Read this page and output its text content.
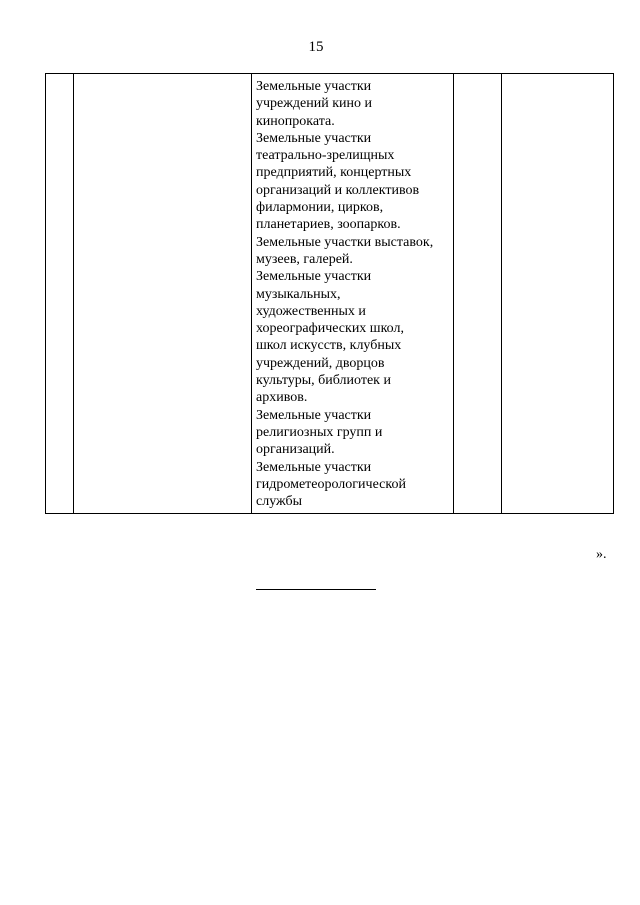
15

Земельные участки
учреждений кино и
кинопроката.
Земельные участки
театрально-зрелищных
предприятий, концертных
организаций и коллективов
филармонии, цирков,
планетариев, зоопарков.
Земельные участки выставок,
музеев, галерей.
Земельные участки
музыкальных,
художественных и
хореографических школ,
школ искусств, клубных
учреждений, дворцов
культуры, библиотек и
архивов.
Земельные участки
религиозных групп и
организаций.
Земельные участки
гидрометеорологической
службы

».
